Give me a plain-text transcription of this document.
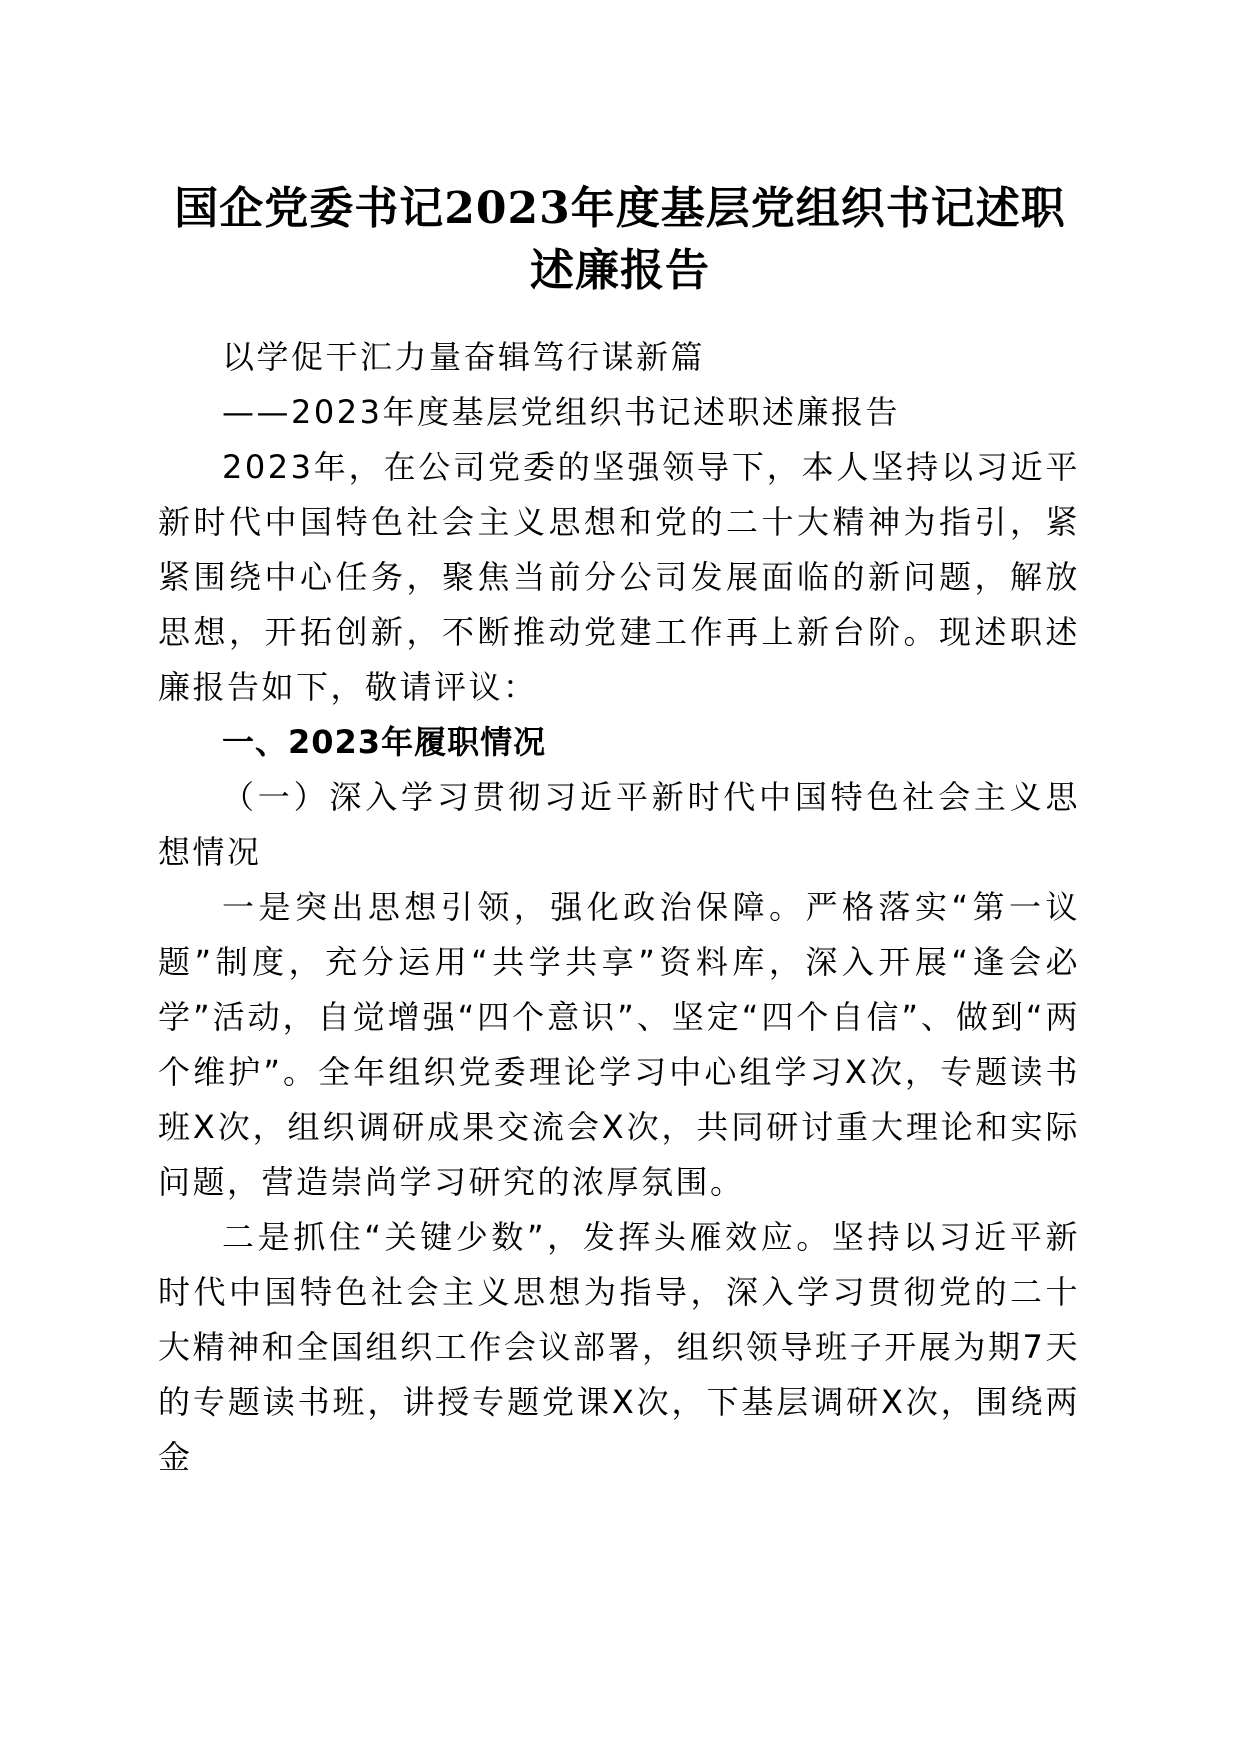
国企党委书记2023年度基层党组织书记述职
述廉报告

以学促干汇力量奋辑笃行谋新篇

——2023年度基层党组织书记述职述廉报告

2023年，在公司党委的坚强领导下，本人坚持以习近平新时代中国特色社会主义思想和党的二十大精神为指引，紧紧围绕中心任务，聚焦当前分公司发展面临的新问题，解放思想，开拓创新，不断推动党建工作再上新台阶。现述职述廉报告如下，敬请评议：

一、2023年履职情况

（一）深入学习贯彻习近平新时代中国特色社会主义思想情况

一是突出思想引领，强化政治保障。严格落实“第一议题”制度，充分运用“共学共享”资料库，深入开展“逢会必学”活动，自觉增强“四个意识”、坚定“四个自信”、做到“两个维护”。全年组织党委理论学习中心组学习X次，专题读书班X次，组织调研成果交流会X次，共同研讨重大理论和实际问题，营造崇尚学习研究的浓厚氛围。

二是抓住“关键少数”，发挥头雁效应。坚持以习近平新时代中国特色社会主义思想为指导，深入学习贯彻党的二十大精神和全国组织工作会议部署，组织领导班子开展为期7天的专题读书班，讲授专题党课X次，下基层调研X次，围绕两金
